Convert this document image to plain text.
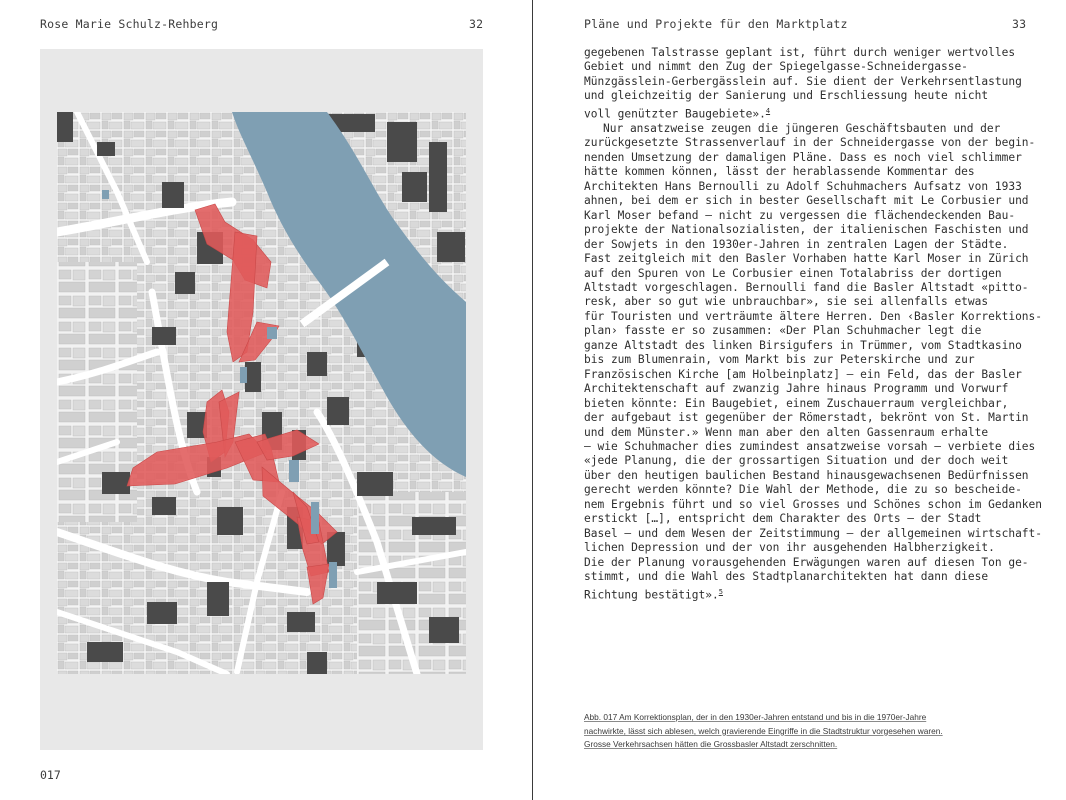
Rose Marie Schulz-Rehberg	32
017
Pläne und Projekte für den Marktplatz	33

gegebenen Talstrasse geplant ist, führt durch weniger wertvolles
Gebiet und nimmt den Zug der Spiegelgasse-Schneidergasse-
Münzgässlein-Gerbergässlein auf. Sie dient der Verkehrsentlastung
und gleichzeitig der Sanierung und Erschliessung heute nicht
voll genützter Baugebiete».$^4$

Nur ansatzweise zeugen die jüngeren Geschäftsbauten und der
zurückgesetzte Strassenverlauf in der Schneidergasse von der begin-
nenden Umsetzung der damaligen Pläne. Dass es noch viel schlimmer
hätte kommen können, lässt der herablassende Kommentar des
Architekten Hans Bernoulli zu Adolf Schuhmachers Aufsatz von 1933
ahnen, bei dem er sich in bester Gesellschaft mit Le Corbusier und
Karl Moser befand – nicht zu vergessen die flächendeckenden Bau-
projekte der Nationalsozialisten, der italienischen Faschisten und
der Sowjets in den 1930er-Jahren in zentralen Lagen der Städte.
Fast zeitgleich mit den Basler Vorhaben hatte Karl Moser in Zürich
auf den Spuren von Le Corbusier einen Totalabriss der dortigen
Altstadt vorgeschlagen. Bernoulli fand die Basler Altstadt «pitto-
resk, aber so gut wie unbrauchbar», sie sei allenfalls etwas
für Touristen und verträumte ältere Herren. Den ‹Basler Korrektions-
plan› fasste er so zusammen: «Der Plan Schuhmacher legt die
ganze Altstadt des linken Birsigufers in Trümmer, vom Stadtkasino
bis zum Blumenrain, vom Markt bis zur Peterskirche und zur
Französischen Kirche [am Holbeinplatz] – ein Feld, das der Basler
Architektenschaft auf zwanzig Jahre hinaus Programm und Vorwurf
bieten könnte: Ein Baugebiet, einem Zuschauerraum vergleichbar,
der aufgebaut ist gegenüber der Römerstadt, bekrönt von St. Martin
und dem Münster.» Wenn man aber den alten Gassenraum erhalte
– wie Schuhmacher dies zumindest ansatzweise vorsah – verbiete dies
«jede Planung, die der grossartigen Situation und der doch weit
über den heutigen baulichen Bestand hinausgewachsenen Bedürfnissen
gerecht werden könnte? Die Wahl der Methode, die zu so bescheide-
nem Ergebnis führt und so viel Grosses und Schönes schon im Gedanken
erstickt […], entspricht dem Charakter des Orts – der Stadt
Basel – und dem Wesen der Zeitstimmung – der allgemeinen wirtschaft-
lichen Depression und der von ihr ausgehenden Halbherzigkeit.
Die der Planung vorausgehenden Erwägungen waren auf diesen Ton ge-
stimmt, und die Wahl des Stadtplanarchitekten hat dann diese
Richtung bestätigt».$^5$

Abb. 017 Am Korrektionsplan, der in den 1930er-Jahren entstand und bis in die 1970er-Jahre
nachwirkte, lässt sich ablesen, welch gravierende Eingriffe in die Stadtstruktur vorgesehen waren.
Grosse Verkehrsachsen hätten die Grossbasler Altstadt zerschnitten.
